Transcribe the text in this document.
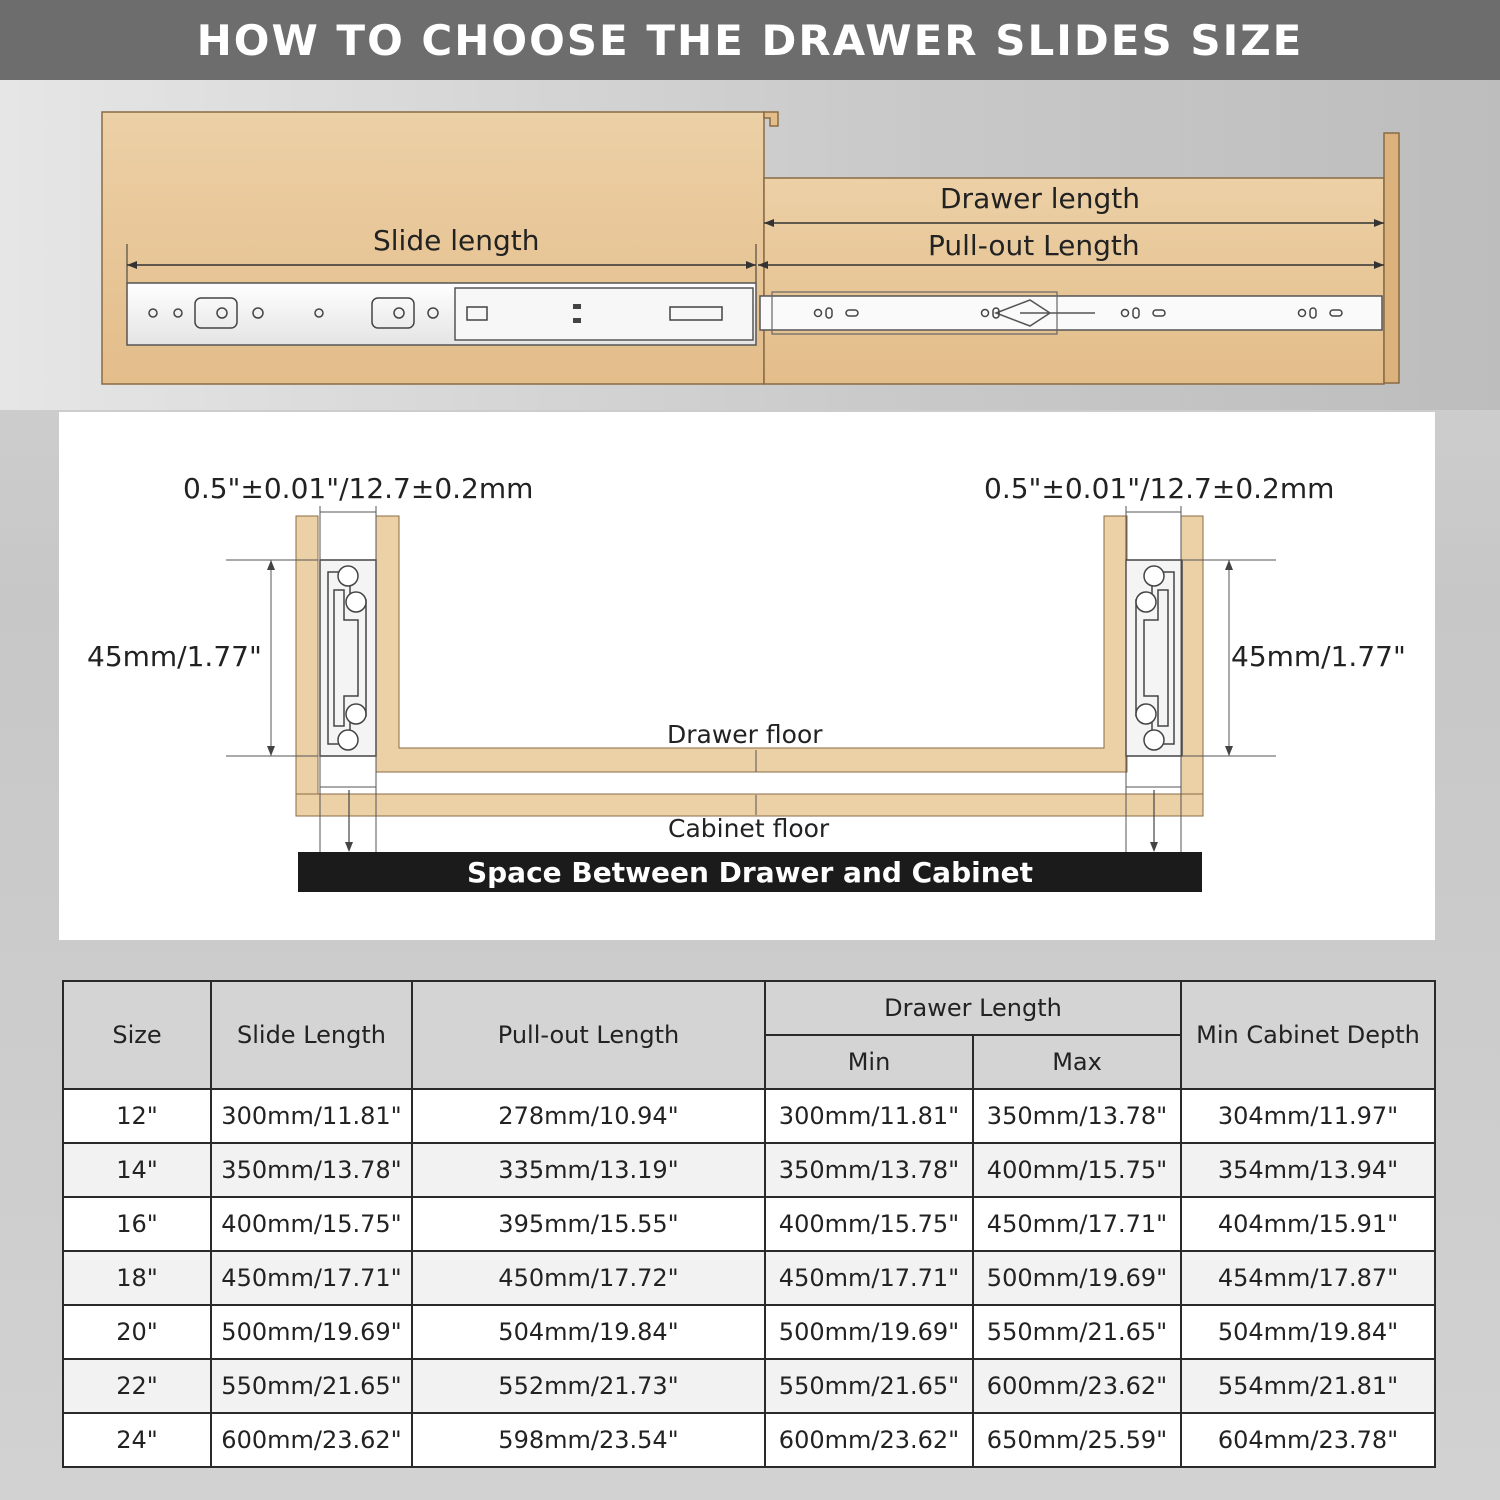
HOW TO CHOOSE THE DRAWER SLIDES SIZE
Slide length
Drawer length
Pull-out Length
0.5"±0.01"/12.7±0.2mm	0.5"±0.01"/12.7±0.2mm
45mm/1.77"	45mm/1.77"
Drawer floor
Cabinet floor
Space Between Drawer and Cabinet
Size	Slide Length	Pull-out Length	Drawer Length		Min Cabinet Depth
			Min	Max	
12"	300mm/11.81"	278mm/10.94"	300mm/11.81"	350mm/13.78"	304mm/11.97"
14"	350mm/13.78"	335mm/13.19"	350mm/13.78"	400mm/15.75"	354mm/13.94"
16"	400mm/15.75"	395mm/15.55"	400mm/15.75"	450mm/17.71"	404mm/15.91"
18"	450mm/17.71"	450mm/17.72"	450mm/17.71"	500mm/19.69"	454mm/17.87"
20"	500mm/19.69"	504mm/19.84"	500mm/19.69"	550mm/21.65"	504mm/19.84"
22"	550mm/21.65"	552mm/21.73"	550mm/21.65"	600mm/23.62"	554mm/21.81"
24"	600mm/23.62"	598mm/23.54"	600mm/23.62"	650mm/25.59"	604mm/23.78"
